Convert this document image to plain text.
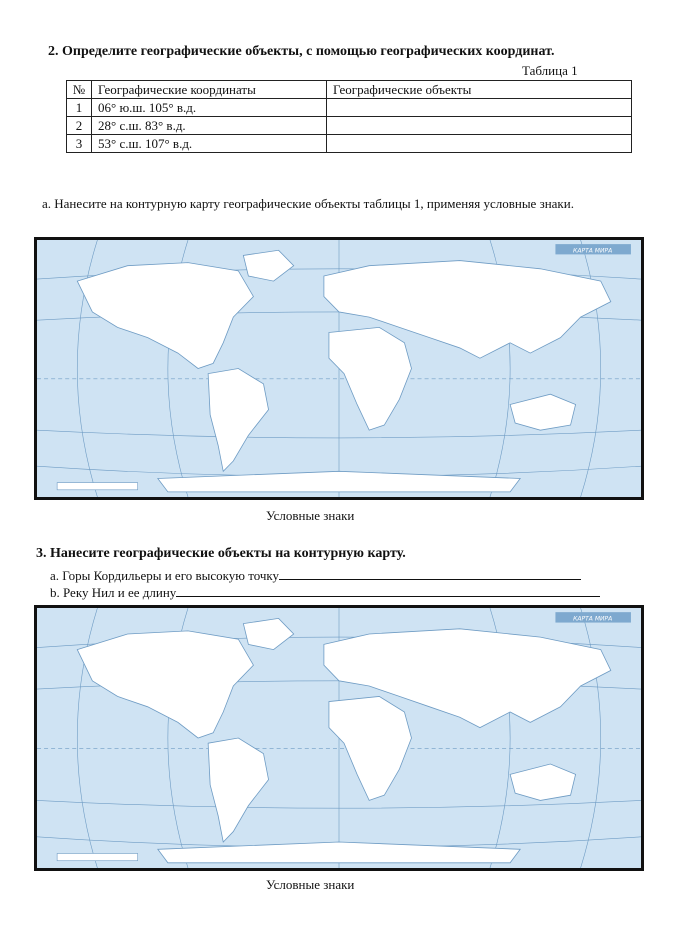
2. Определите географические объекты, с помощью географических координат.
Таблица 1
№	Географические координаты	Географические объекты
1	06° ю.ш. 105° в.д.	
2	28° с.ш. 83° в.д.	
3	53° с.ш. 107° в.д.	
a. Нанесите на контурную карту географические объекты таблицы 1, применяя условные знаки.
КАРТА МИРА
Условные знаки
3. Нанесите географические объекты на контурную карту.
a. Горы Кордильеры и его высокую точку
b. Реку Нил и ее длину
КАРТА МИРА
Условные знаки
